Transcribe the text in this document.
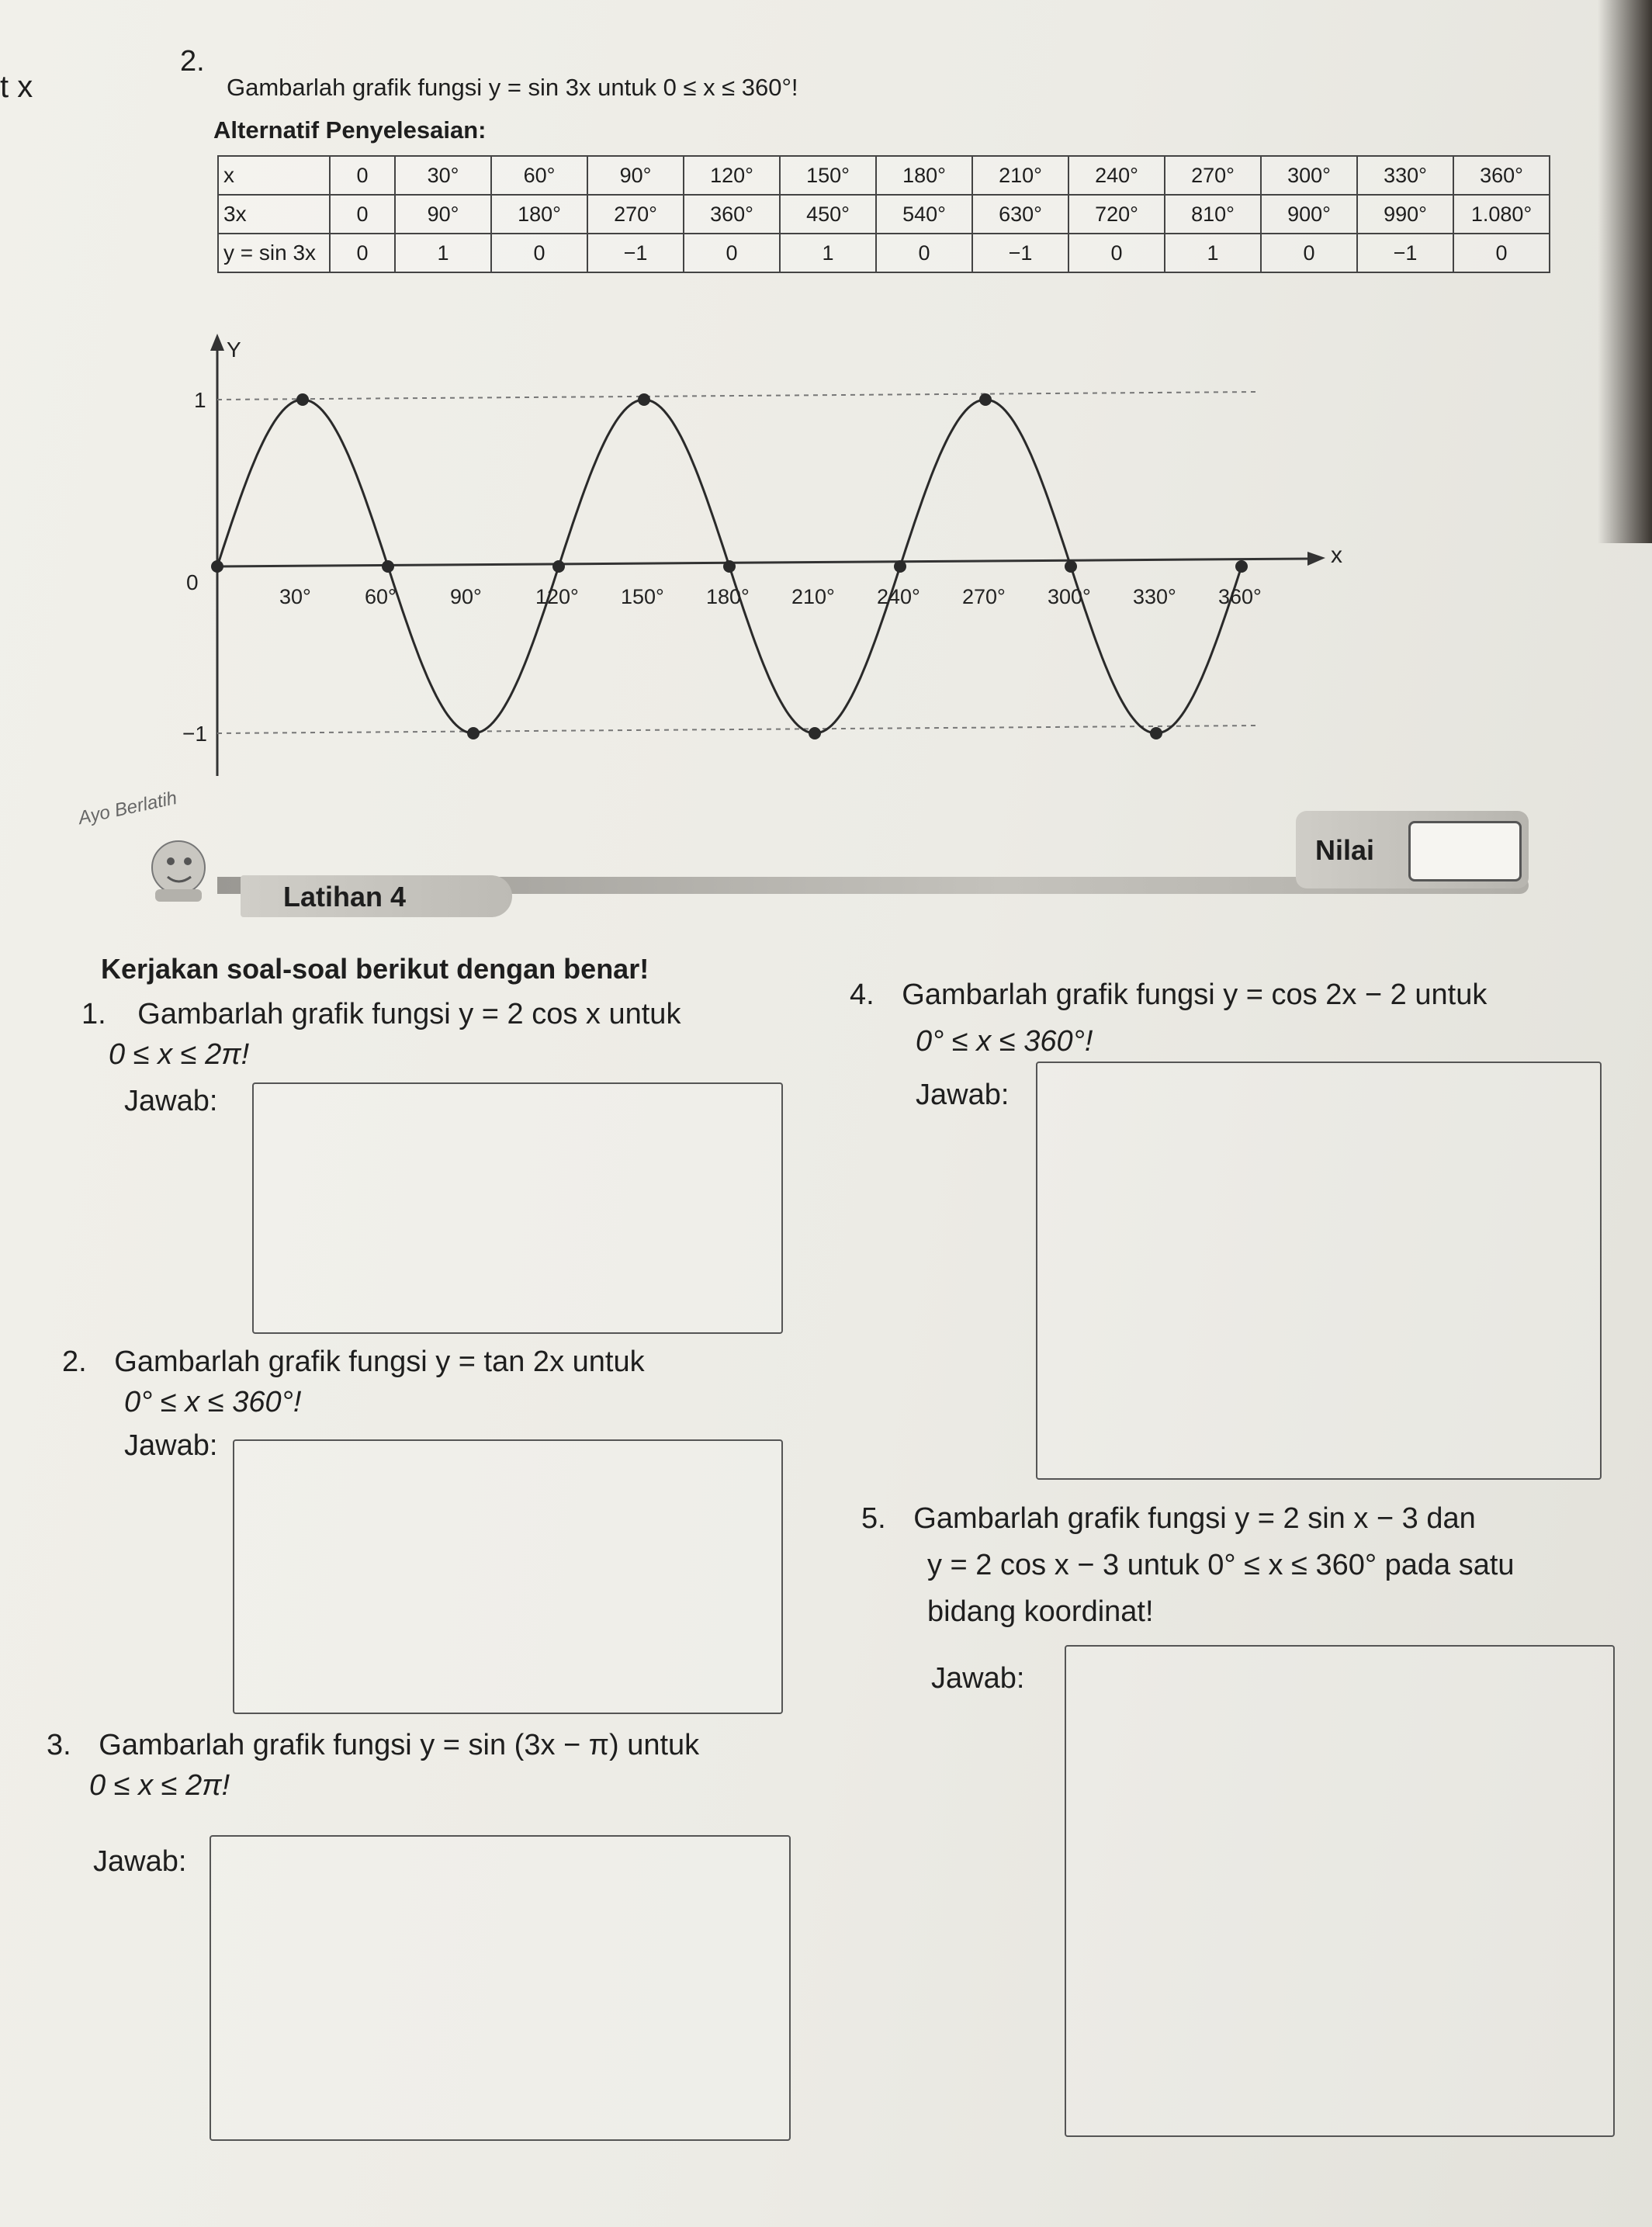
t x
2.
Gambarlah grafik fungsi y = sin 3x untuk 0 ≤ x ≤ 360°!
Alternatif Penyelesaian:
x	0	30°	60°	90°	120°	150°	180°	210°	240°	270°	300°	330°	360°
3x	0	90°	180°	270°	360°	450°	540°	630°	720°	810°	900°	990°	1.080°
y = sin 3x	0	1	0	−1	0	1	0	−1	0	1	0	−1	0
Y
x
0
1
−1
30°	60°	90°	120° 150° 180° 210° 240° 270° 300° 330° 360°
Ayo Berlatih
Latihan 4
Nilai
Kerjakan soal-soal berikut dengan benar!
1. Gambarlah grafik fungsi y = 2 cos x untuk
0 ≤ x ≤ 2π!
Jawab:
2. Gambarlah grafik fungsi y = tan 2x untuk
0° ≤ x ≤ 360°!
Jawab:
3. Gambarlah grafik fungsi y = sin (3x − π) untuk
0 ≤ x ≤ 2π!
Jawab:
4. Gambarlah grafik fungsi y = cos 2x − 2 untuk
0° ≤ x ≤ 360°!
Jawab:
5. Gambarlah grafik fungsi y = 2 sin x − 3 dan
y = 2 cos x − 3 untuk 0° ≤ x ≤ 360° pada satu
bidang koordinat!
Jawab:
